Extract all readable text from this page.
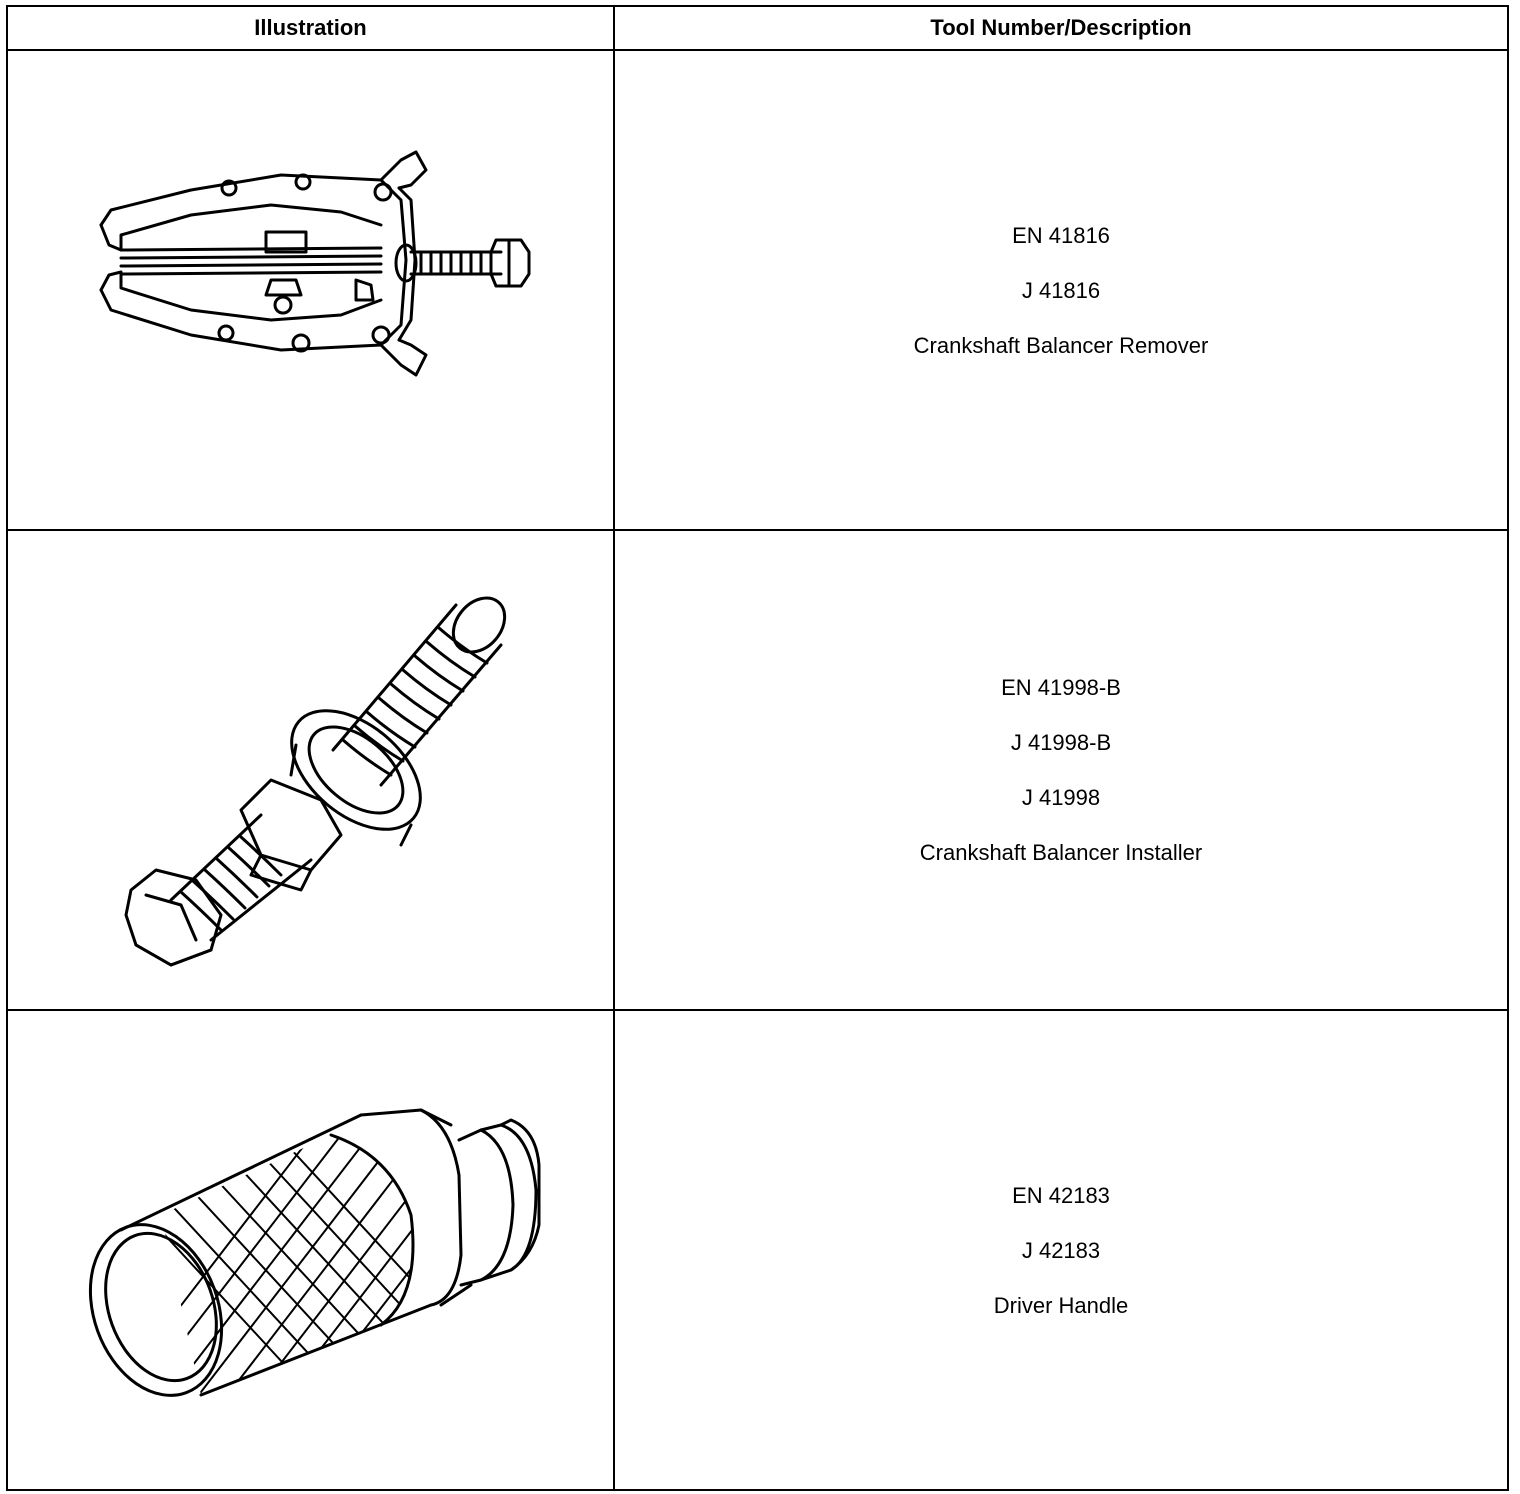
Illustration	Tool Number/Description

EN 41816
J 41816
Crankshaft Balancer Remover

EN 41998-B
J 41998-B
J 41998
Crankshaft Balancer Installer

EN 42183
J 42183
Driver Handle
